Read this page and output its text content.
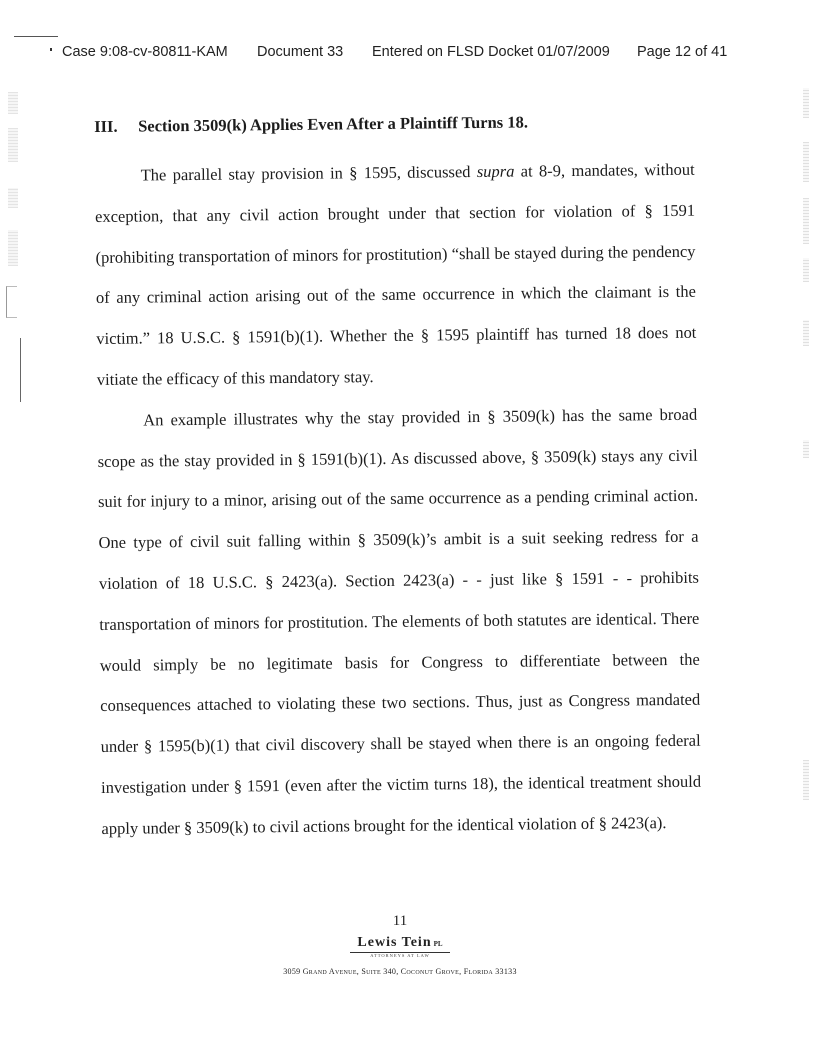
Case 9:08-cv-80811-KAM Document 33 Entered on FLSD Docket 01/07/2009 Page 12 of 41
III.	Section 3509(k) Applies Even After a Plaintiff Turns 18.

The parallel stay provision in § 1595, discussed supra at 8-9, mandates, without exception, that any civil action brought under that section for violation of § 1591 (prohibiting transportation of minors for prostitution) “shall be stayed during the pendency of any criminal action arising out of the same occurrence in which the claimant is the victim.” 18 U.S.C. § 1591(b)(1). Whether the § 1595 plaintiff has turned 18 does not vitiate the efficacy of this mandatory stay.

An example illustrates why the stay provided in § 3509(k) has the same broad scope as the stay provided in § 1591(b)(1). As discussed above, § 3509(k) stays any civil suit for injury to a minor, arising out of the same occurrence as a pending criminal action. One type of civil suit falling within § 3509(k)’s ambit is a suit seeking redress for a violation of 18 U.S.C. § 2423(a). Section 2423(a) - - just like § 1591 - - prohibits transportation of minors for prostitution. The elements of both statutes are identical. There would simply be no legitimate basis for Congress to differentiate between the consequences attached to violating these two sections. Thus, just as Congress mandated under § 1595(b)(1) that civil discovery shall be stayed when there is an ongoing federal investigation under § 1591 (even after the victim turns 18), the identical treatment should apply under § 3509(k) to civil actions brought for the identical violation of § 2423(a).

11
Lewis Tein PL
ATTORNEYS AT LAW
3059 Grand Avenue, Suite 340, Coconut Grove, Florida 33133
